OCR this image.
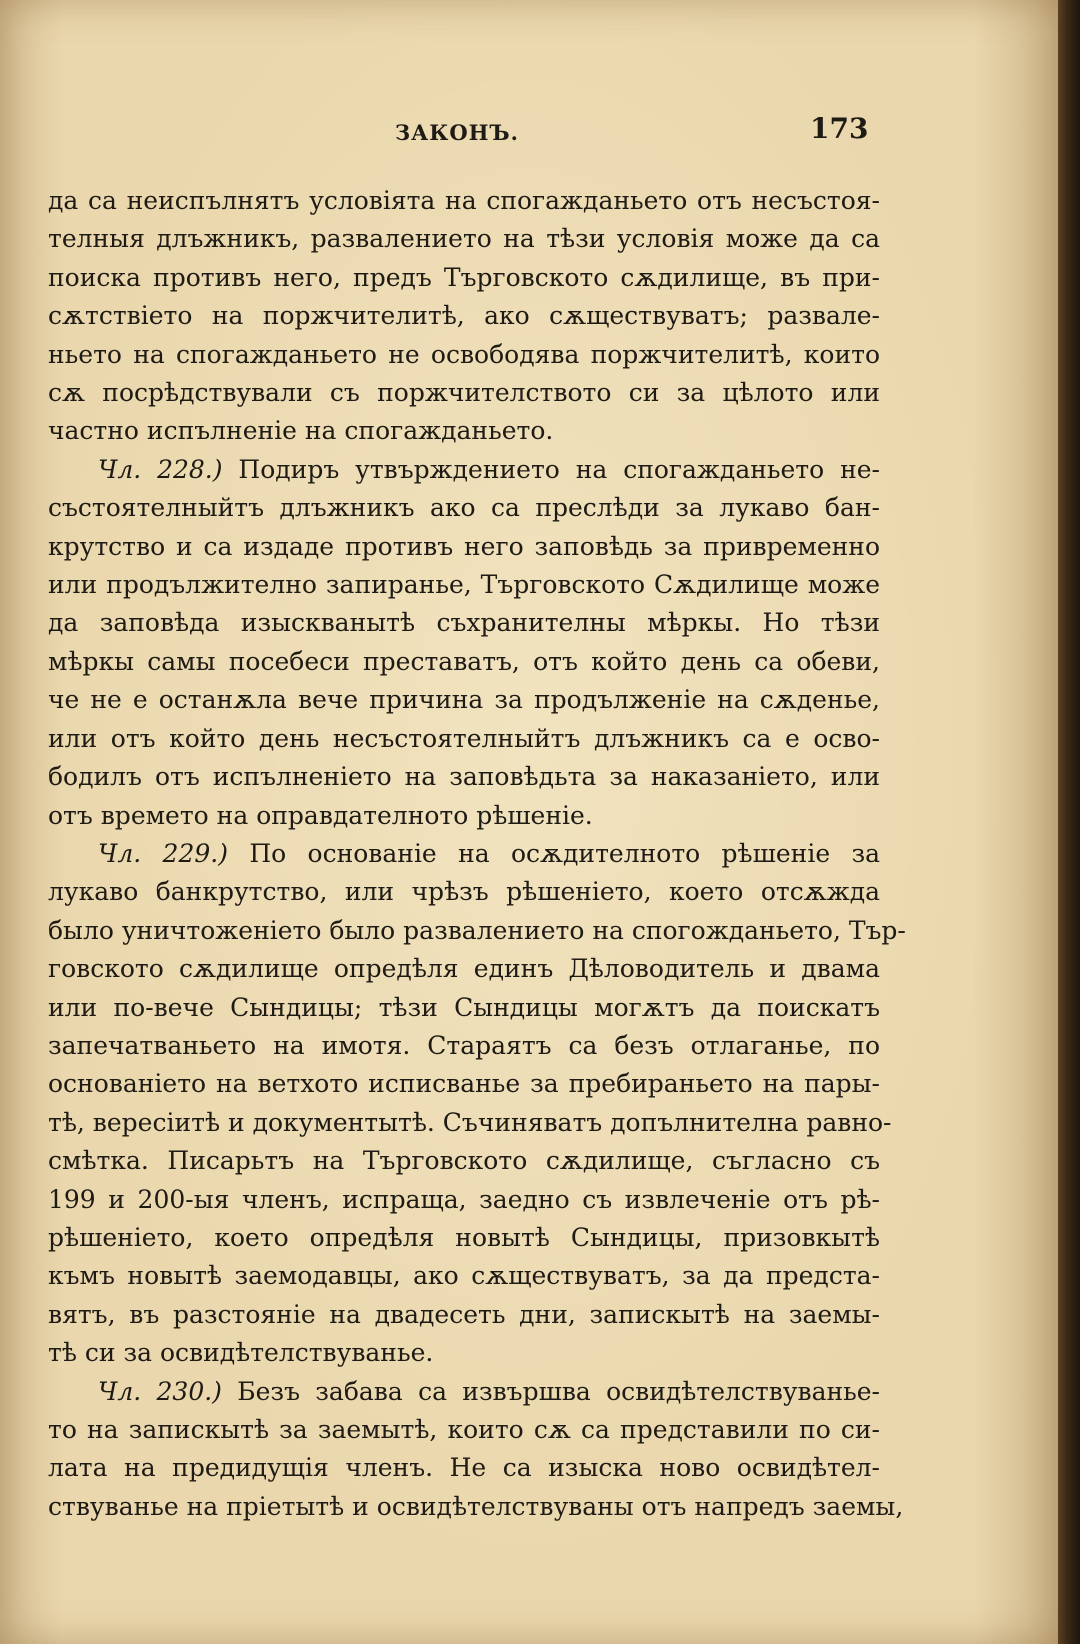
ЗАКОНЪ.	173

да са неиспълнятъ условіята на спогажданьето отъ несъстоя-
телныя длъжникъ, развалението на тѣзи условія може да са
поиска противъ него, предъ Търговското сѫдилище, въ при-
сѫтствіето на поржчителитѣ, ако сѫществуватъ; развале-
ньето на спогажданьето не освободява поржчителитѣ, които
сѫ посрѣдствували съ поржчителството си за цѣлото или
частно испълненіе на спогажданьето.

Чл. 228.) Подиръ утвърждението на спогажданьето не-
състоятелныйтъ длъжникъ ако са прeслѣди за лукаво бан-
крутство и са издаде противъ него заповѣдь за привременно
или продължително запиранье, Търговското Сѫдилище може
да заповѣда изыскванытѣ съхранителны мѣркы. Но тѣзи
мѣркы самы посебеси преставатъ, отъ който день са обеви,
че не е останѫла вече причина за продълженіе на сѫденье,
или отъ който день несъстоятелныйтъ длъжникъ са е осво-
бодилъ отъ испълненіето на заповѣдьта за наказаніето, или
отъ времето на оправдателното рѣшеніе.

Чл. 229.) По основаніе на осѫдителното рѣшеніе за
лукаво банкрутство, или чрѣзъ рѣшеніето, което отсѫжда
было уничтоженіето было развалението на спогожданьето, Тър-
говското сѫдилище опредѣля единъ Дѣловодитель и двама
или по-вече Сындицы; тѣзи Сындицы могѫтъ да поискатъ
запечатваньето на имотя. Стараятъ са безъ отлаганье, по
основаніето на ветхото исписванье за пребираньето на пары-
тѣ, вересіитѣ и документытѣ. Съчиняватъ допълнителна равно-
смѣтка. Писарьтъ на Търговското сѫдилище, съгласно съ
199 и 200-ыя членъ, испраща, заедно съ извлеченіе отъ рѣ-
рѣшеніето, което опредѣля новытѣ Сындицы, призовкытѣ
къмъ новытѣ заемодавцы, ако сѫществуватъ, за да предста-
вятъ, въ разстояніе на двадесеть дни, запискытѣ на заемы-
тѣ си за освидѣтелствуванье.

Чл. 230.) Безъ забава са извършва освидѣтелствуванье-
то на запискытѣ за заемытѣ, които сѫ са представили по си-
лата на предидущія членъ. Не са изыска ново освидѣтел-
ствуванье на пріетытѣ и освидѣтелствуваны отъ напредъ заемы,
